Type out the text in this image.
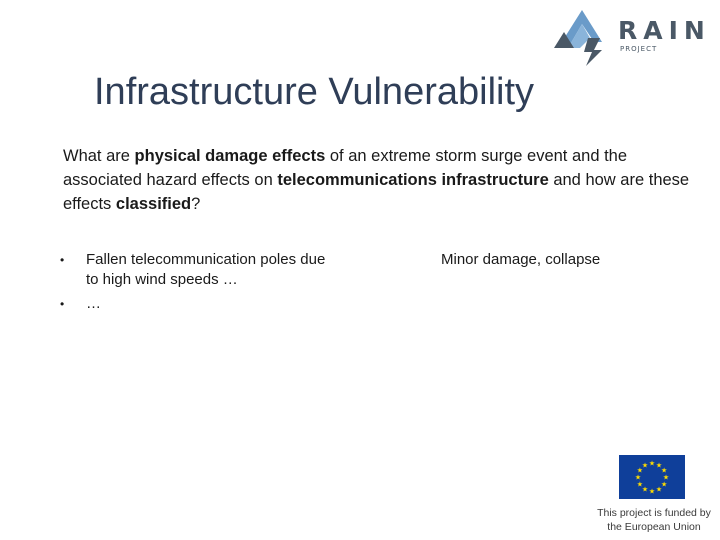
RAIN
PROJECT
Infrastructure Vulnerability

What are physical damage effects of an extreme storm surge event and the associated hazard effects on telecommunications infrastructure and how are these effects classified?

• Fallen telecommunication poles due to high wind speeds …
• …
Minor damage, collapse
★ ★
★
★
★
★
★
★
★
★
★
★
This project is funded by
the European Union
